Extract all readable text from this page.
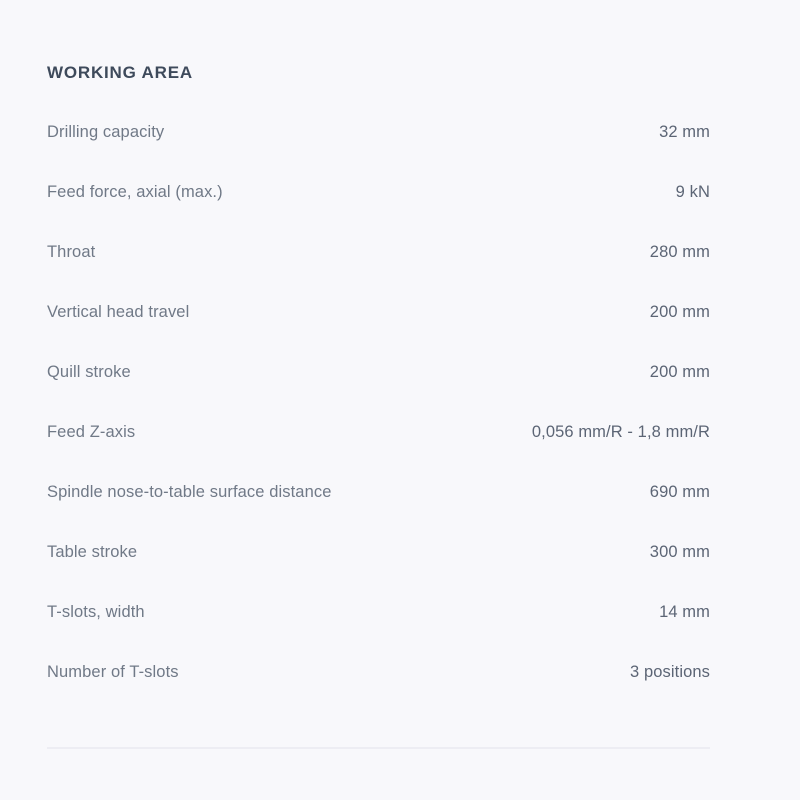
WORKING AREA
Drilling capacity	32 mm
Feed force, axial (max.)	9 kN
Throat	280 mm
Vertical head travel	200 mm
Quill stroke	200 mm
Feed Z-axis	0,056 mm/R - 1,8 mm/R
Spindle nose-to-table surface distance	690 mm
Table stroke	300 mm
T-slots, width	14 mm
Number of T-slots	3 positions
